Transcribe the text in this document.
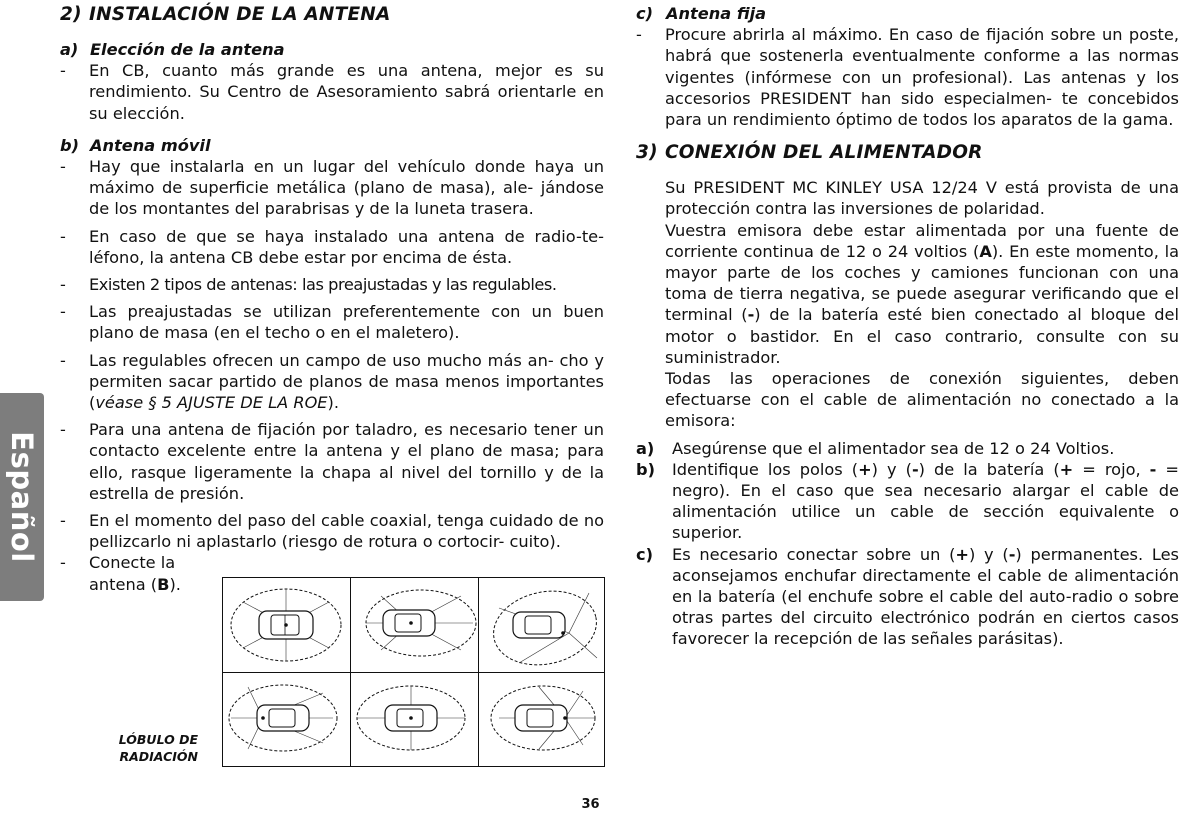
Español
2) INSTALACIÓN DE LA ANTENA

a) Elección de la antena

- En CB, cuanto más grande es una antena, mejor es su rendimiento. Su Centro de Asesoramiento sabrá orientarle en su elección.

b) Antena móvil

- Hay que instalarla en un lugar del vehículo donde haya un máximo de superficie metálica (plano de masa), ale- jándose de los montantes del parabrisas y de la luneta trasera.

- En caso de que se haya instalado una antena de radio-te- léfono, la antena CB debe estar por encima de ésta.

- Existen 2 tipos de antenas: las preajustadas y las regulables.

- Las preajustadas se utilizan preferentemente con un buen plano de masa (en el techo o en el maletero).

- Las regulables ofrecen un campo de uso mucho más an- cho y permiten sacar partido de planos de masa menos importantes (véase § 5 AJUSTE DE LA ROE).

- Para una antena de fijación por taladro, es necesario tener un contacto excelente entre la antena y el plano de masa; para ello, rasque ligeramente la chapa al nivel del tornillo y de la estrella de presión.

- En el momento del paso del cable coaxial, tenga cuidado de no pellizcarlo ni aplastarlo (riesgo de rotura o cortocir- cuito).

- Conecte la
antena (B).

LÓBULO DE
RADIACIÓN

c) Antena fija

- Procure abrirla al máximo. En caso de fijación sobre un poste, habrá que sostenerla eventualmente conforme a las normas vigentes (infórmese con un profesional). Las antenas y los accesorios PRESIDENT han sido especialmen- te concebidos para un rendimiento óptimo de todos los aparatos de la gama.

3) CONEXIÓN DEL ALIMENTADOR

Su PRESIDENT MC KINLEY USA 12/24 V está provista de una protección contra las inversiones de polaridad.

Vuestra emisora debe estar alimentada por una fuente de corriente continua de 12 o 24 voltios (A). En este momento, la mayor parte de los coches y camiones funcionan con una toma de tierra negativa, se puede asegurar verificando que el terminal (-) de la batería esté bien conectado al bloque del motor o bastidor. En el caso contrario, consulte con su suministrador.

Todas las operaciones de conexión siguientes, deben efectuarse con el cable de alimentación no conectado a la emisora:

a) Asegúrense que el alimentador sea de 12 o 24 Voltios.

b) Identifique los polos (+) y (-) de la batería (+ = rojo, - = negro). En el caso que sea necesario alargar el cable de alimentación utilice un cable de sección equivalente o superior.

c) Es necesario conectar sobre un (+) y (-) permanentes. Les aconsejamos enchufar directamente el cable de alimentación en la batería (el enchufe sobre el cable del auto-radio o sobre otras partes del circuito electrónico podrán en ciertos casos favorecer la recepción de las señales parásitas).

36
